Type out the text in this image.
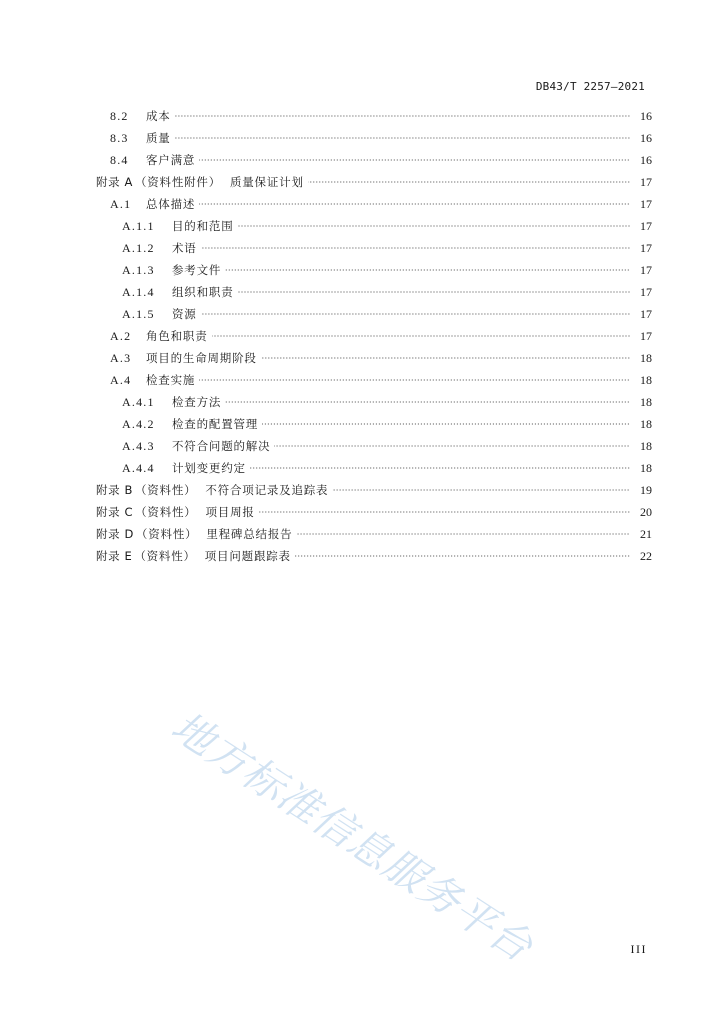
DB43/T 2257—2021
8.2 成本	16
8.3 质量	16
8.4 客户满意	16
附录 A （资料性附件）  质量保证计划	17
A.1 总体描述	17
A.1.1 目的和范围	17
A.1.2 术语	17
A.1.3 参考文件	17
A.1.4 组织和职责	17
A.1.5 资源	17
A.2 角色和职责	17
A.3 项目的生命周期阶段	18
A.4 检查实施	18
A.4.1 检查方法	18
A.4.2 检查的配置管理	18
A.4.3 不符合问题的解决	18
A.4.4 计划变更约定	18
附录 B （资料性）  不符合项记录及追踪表	19
附录 C （资料性）  项目周报	20
附录 D （资料性）  里程碑总结报告	21
附录 E （资料性）  项目问题跟踪表	22
地方标准信息服务平台	III
